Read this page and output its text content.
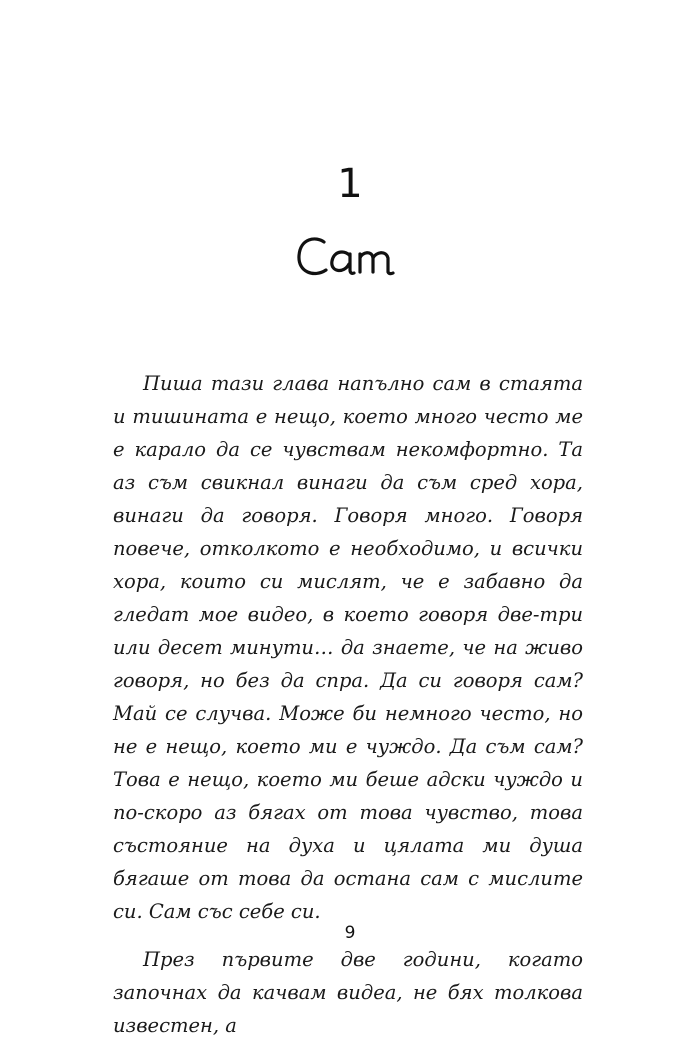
1

Пиша тази глава напълно сам в стаята и тишината е нещо, което много често ме е карало да се чувствам некомфортно. Та аз съм свикнал винаги да съм сред хора, винаги да говоря. Говоря много. Говоря повече, отколкото е необходимо, и всички хора, които си мислят, че е забавно да гледат мое видео, в което говоря две-три или десет минути… да знаете, че на живо говоря, но без да спра. Да си говоря сам? Май се случва. Може би немного често, но не е нещо, което ми е чуждо. Да съм сам? Това е нещо, което ми беше адски чуждо и по-скоро аз бягах от това чувство, това състояние на духа и цялата ми душа бягаше от това да остана сам с мислите си. Сам със себе си.

През първите две години, когато започнах да качвам видеа, не бях толкова известен, а

9
